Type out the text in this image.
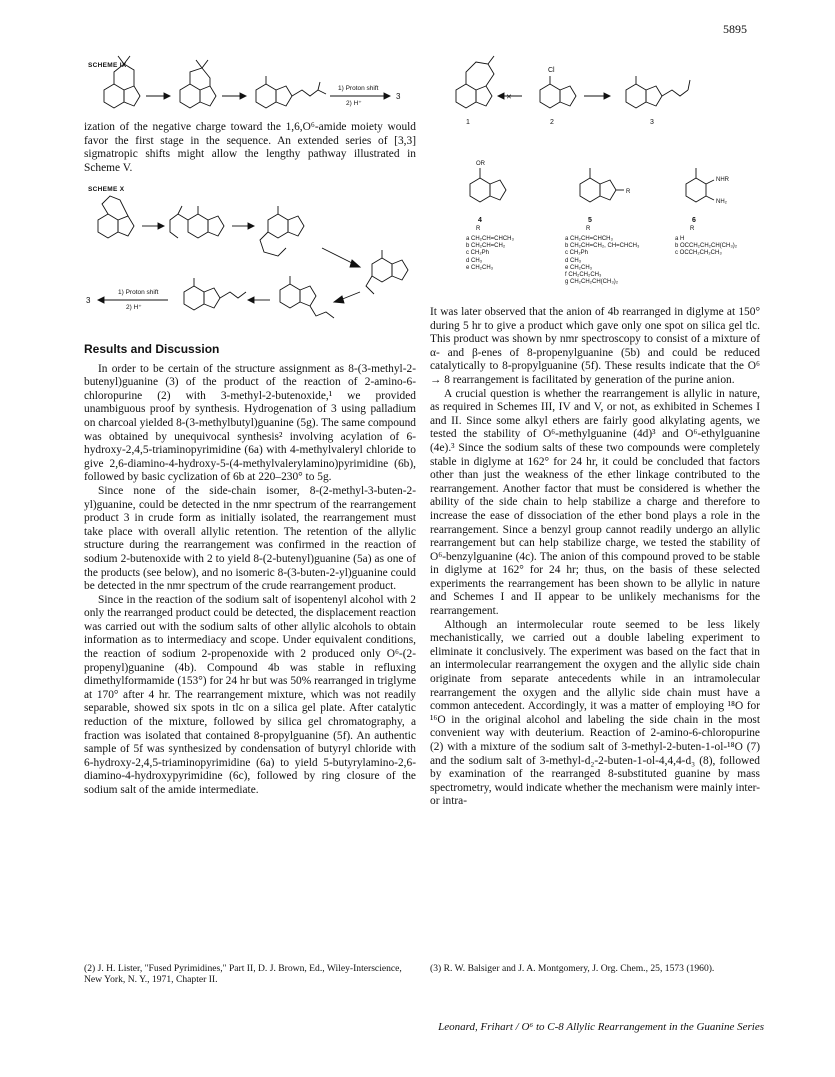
5895
SCHEME IX
1) Proton shift
2) H⁺
3

ization of the negative charge toward the 1,6,O⁶-amide moiety would favor the first stage in the sequence. An extended series of [3,3] sigmatropic shifts might allow the lengthy pathway illustrated in Scheme V.

SCHEME X
1) Proton shift
2) H⁺
3
Results and Discussion

In order to be certain of the structure assignment as 8-(3-methyl-2-butenyl)guanine (3) of the product of the reaction of 2-amino-6-chloropurine (2) with 3-methyl-2-butenoxide,¹ we provided unambiguous proof by synthesis. Hydrogenation of 3 using palladium on charcoal yielded 8-(3-methylbutyl)guanine (5g). The same compound was obtained by unequivocal synthesis² involving acylation of 6-hydroxy-2,4,5-triaminopyrimidine (6a) with 4-methylvaleryl chloride to give 2,6-diamino-4-hydroxy-5-(4-methylvalerylamino)pyrimidine (6b), followed by basic cyclization of 6b at 220–230° to 5g.

Since none of the side-chain isomer, 8-(2-methyl-3-buten-2-yl)guanine, could be detected in the nmr spectrum of the rearrangement product 3 in crude form as initially isolated, the rearrangement must take place with overall allylic retention. The retention of the allylic structure during the rearrangement was confirmed in the reaction of sodium 2-butenoxide with 2 to yield 8-(2-butenyl)guanine (5a) as one of the products (see below), and no isomeric 8-(3-buten-2-yl)guanine could be detected in the nmr spectrum of the crude rearrangement product.

Since in the reaction of the sodium salt of isopentenyl alcohol with 2 only the rearranged product could be detected, the displacement reaction was carried out with the sodium salts of other allylic alcohols to obtain information as to intermediacy and scope. Under equivalent conditions, the reaction of sodium 2-propenoxide with 2 produced only O⁶-(2-propenyl)guanine (4b). Compound 4b was stable in refluxing dimethylformamide (153°) for 24 hr but was 50% rearranged in triglyme at 170° after 4 hr. The rearrangement mixture, which was not readily separable, showed six spots in tlc on a silica gel plate. After catalytic reduction of the mixture, followed by silica gel chromatography, a fraction was isolated that contained 8-propylguanine (5f). An authentic sample of 5f was synthesized by condensation of butyryl chloride with 6-hydroxy-2,4,5-triaminopyrimidine (6a) to yield 5-butyrylamino-2,6-diamino-4-hydroxypyrimidine (6c), followed by ring closure of the sodium salt of the amide intermediate.

1
✕
Cl
2	3
OR
4
R
5
NHR
NH₂
6
R	R	R
a CH₂CH=CHCH₃
b CH₂CH=CH₂
c CH₂Ph
d CH₃
e CH₂CH₃
a CH₂CH=CHCH₃
b CH₂CH=CH₂, CH=CHCH₃
c CH₂Ph
d CH₃
e CH₂CH₃
f CH₂CH₂CH₃
g CH₂CH₂CH(CH₃)₂
a H
b OCCH₂CH₂CH(CH₃)₂
c OCCH₂CH₂CH₃

It was later observed that the anion of 4b rearranged in diglyme at 150° during 5 hr to give a product which gave only one spot on silica gel tlc. This product was shown by nmr spectroscopy to consist of a mixture of α- and β-enes of 8-propenylguanine (5b) and could be reduced catalytically to 8-propylguanine (5f). These results indicate that the O⁶ → 8 rearrangement is facilitated by generation of the purine anion.

A crucial question is whether the rearrangement is allylic in nature, as required in Schemes III, IV and V, or not, as exhibited in Schemes I and II. Since some alkyl ethers are fairly good alkylating agents, we tested the stability of O⁶-methylguanine (4d)³ and O⁶-ethylguanine (4e).³ Since the sodium salts of these two compounds were completely stable in diglyme at 162° for 24 hr, it could be concluded that factors other than just the weakness of the ether linkage contributed to the rearrangement. Another factor that must be considered is whether the ability of the side chain to help stabilize a charge and therefore to increase the ease of dissociation of the ether bond plays a role in the rearrangement. Since a benzyl group cannot readily undergo an allylic rearrangement but can help stabilize charge, we tested the stability of O⁶-benzylguanine (4c). The anion of this compound proved to be stable in diglyme at 162° for 24 hr; thus, on the basis of these selected experiments the rearrangement has been shown to be allylic in nature and Schemes I and II appear to be unlikely mechanisms for the rearrangement.

Although an intermolecular route seemed to be less likely mechanistically, we carried out a double labeling experiment to eliminate it conclusively. The experiment was based on the fact that in an intermolecular rearrangement the oxygen and the allylic side chain originate from separate antecedents while in an intramolecular rearrangement the oxygen and the allylic side chain must have a common antecedent. Accordingly, it was a matter of employing ¹⁸O for ¹⁶O in the original alcohol and labeling the side chain in the most convenient way with deuterium. Reaction of 2-amino-6-chloropurine (2) with a mixture of the sodium salt of 3-methyl-2-buten-1-ol-¹⁸O (7) and the sodium salt of 3-methyl-d₂-2-buten-1-ol-4,4,4-d₃ (8), followed by examination of the rearranged 8-substituted guanine by mass spectrometry, would indicate whether the mechanism were mainly inter- or intra-

(2) J. H. Lister, "Fused Pyrimidines," Part II, D. J. Brown, Ed., Wiley-Interscience, New York, N. Y., 1971, Chapter II.
(3) R. W. Balsiger and J. A. Montgomery, J. Org. Chem., 25, 1573 (1960).
Leonard, Frihart / O⁶ to C-8 Allylic Rearrangement in the Guanine Series
